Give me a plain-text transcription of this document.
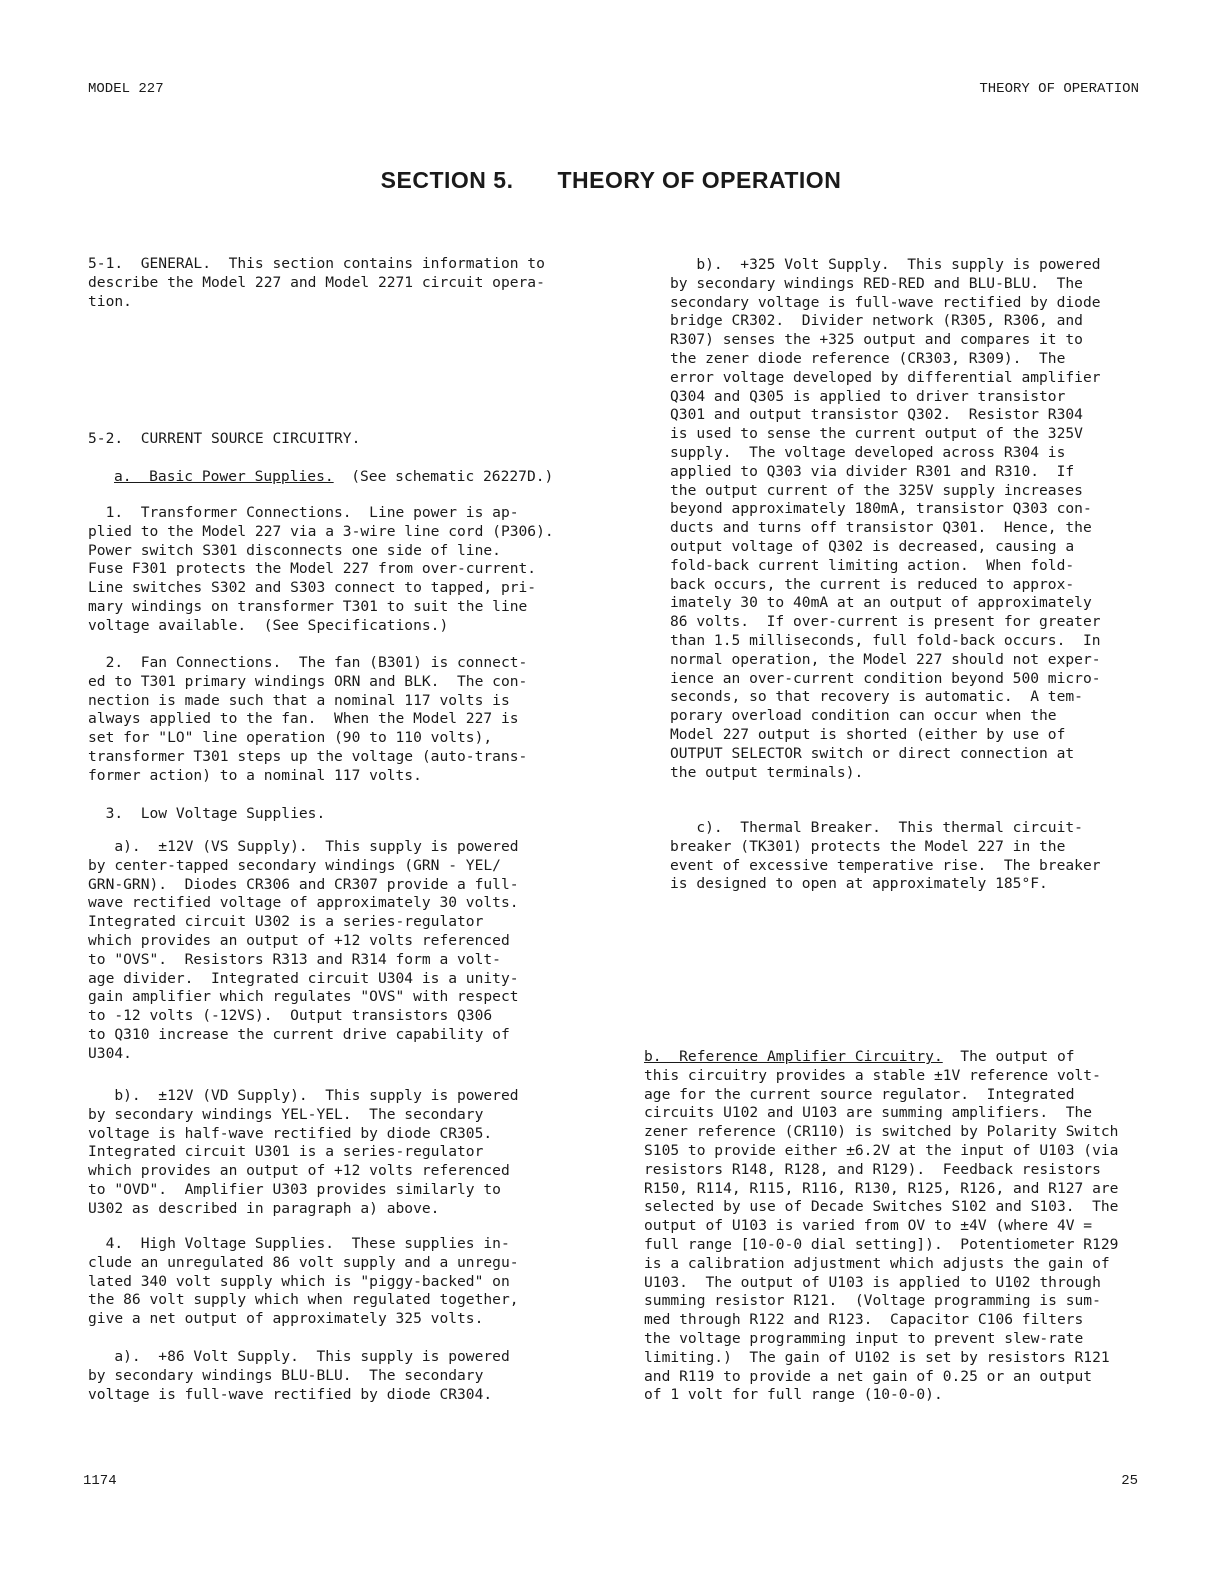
MODEL 227	THEORY OF OPERATION
SECTION 5. THEORY OF OPERATION
5-1.  GENERAL.  This section contains information to
describe the Model 227 and Model 2271 circuit opera-
tion.
5-2.  CURRENT SOURCE CIRCUITRY.
a.  Basic Power Supplies.  (See schematic 26227D.)
1.  Transformer Connections.  Line power is ap-
plied to the Model 227 via a 3-wire line cord (P306).
Power switch S301 disconnects one side of line.
Fuse F301 protects the Model 227 from over-current.
Line switches S302 and S303 connect to tapped, pri-
mary windings on transformer T301 to suit the line
voltage available.  (See Specifications.)
2.  Fan Connections.  The fan (B301) is connect-
ed to T301 primary windings ORN and BLK.  The con-
nection is made such that a nominal 117 volts is
always applied to the fan.  When the Model 227 is
set for "LO" line operation (90 to 110 volts),
transformer T301 steps up the voltage (auto-trans-
former action) to a nominal 117 volts.
3.  Low Voltage Supplies.
a).  ±12V (VS Supply).  This supply is powered
by center-tapped secondary windings (GRN - YEL/
GRN-GRN).  Diodes CR306 and CR307 provide a full-
wave rectified voltage of approximately 30 volts.
Integrated circuit U302 is a series-regulator
which provides an output of +12 volts referenced
to "OVS".  Resistors R313 and R314 form a volt-
age divider.  Integrated circuit U304 is a unity-
gain amplifier which regulates "OVS" with respect
to -12 volts (-12VS).  Output transistors Q306
to Q310 increase the current drive capability of
U304.
b).  ±12V (VD Supply).  This supply is powered
by secondary windings YEL-YEL.  The secondary
voltage is half-wave rectified by diode CR305.
Integrated circuit U301 is a series-regulator
which provides an output of +12 volts referenced
to "OVD".  Amplifier U303 provides similarly to
U302 as described in paragraph a) above.
4.  High Voltage Supplies.  These supplies in-
clude an unregulated 86 volt supply and a unregu-
lated 340 volt supply which is "piggy-backed" on
the 86 volt supply which when regulated together,
give a net output of approximately 325 volts.
a).  +86 Volt Supply.  This supply is powered
by secondary windings BLU-BLU.  The secondary
voltage is full-wave rectified by diode CR304.
b).  +325 Volt Supply.  This supply is powered
by secondary windings RED-RED and BLU-BLU.  The
secondary voltage is full-wave rectified by diode
bridge CR302.  Divider network (R305, R306, and
R307) senses the +325 output and compares it to
the zener diode reference (CR303, R309).  The
error voltage developed by differential amplifier
Q304 and Q305 is applied to driver transistor
Q301 and output transistor Q302.  Resistor R304
is used to sense the current output of the 325V
supply.  The voltage developed across R304 is
applied to Q303 via divider R301 and R310.  If
the output current of the 325V supply increases
beyond approximately 180mA, transistor Q303 con-
ducts and turns off transistor Q301.  Hence, the
output voltage of Q302 is decreased, causing a
fold-back current limiting action.  When fold-
back occurs, the current is reduced to approx-
imately 30 to 40mA at an output of approximately
86 volts.  If over-current is present for greater
than 1.5 milliseconds, full fold-back occurs.  In
normal operation, the Model 227 should not exper-
ience an over-current condition beyond 500 micro-
seconds, so that recovery is automatic.  A tem-
porary overload condition can occur when the
Model 227 output is shorted (either by use of
OUTPUT SELECTOR switch or direct connection at
the output terminals).
c).  Thermal Breaker.  This thermal circuit-
breaker (TK301) protects the Model 227 in the
event of excessive temperative rise.  The breaker
is designed to open at approximately 185°F.
b.  Reference Amplifier Circuitry.  The output of
this circuitry provides a stable ±1V reference volt-
age for the current source regulator.  Integrated
circuits U102 and U103 are summing amplifiers.  The
zener reference (CR110) is switched by Polarity Switch
S105 to provide either ±6.2V at the input of U103 (via
resistors R148, R128, and R129).  Feedback resistors
R150, R114, R115, R116, R130, R125, R126, and R127 are
selected by use of Decade Switches S102 and S103.  The
output of U103 is varied from OV to ±4V (where 4V =
full range [10-0-0 dial setting]).  Potentiometer R129
is a calibration adjustment which adjusts the gain of
U103.  The output of U103 is applied to U102 through
summing resistor R121.  (Voltage programming is sum-
med through R122 and R123.  Capacitor C106 filters
the voltage programming input to prevent slew-rate
limiting.)  The gain of U102 is set by resistors R121
and R119 to provide a net gain of 0.25 or an output
of 1 volt for full range (10-0-0).
1174	25
